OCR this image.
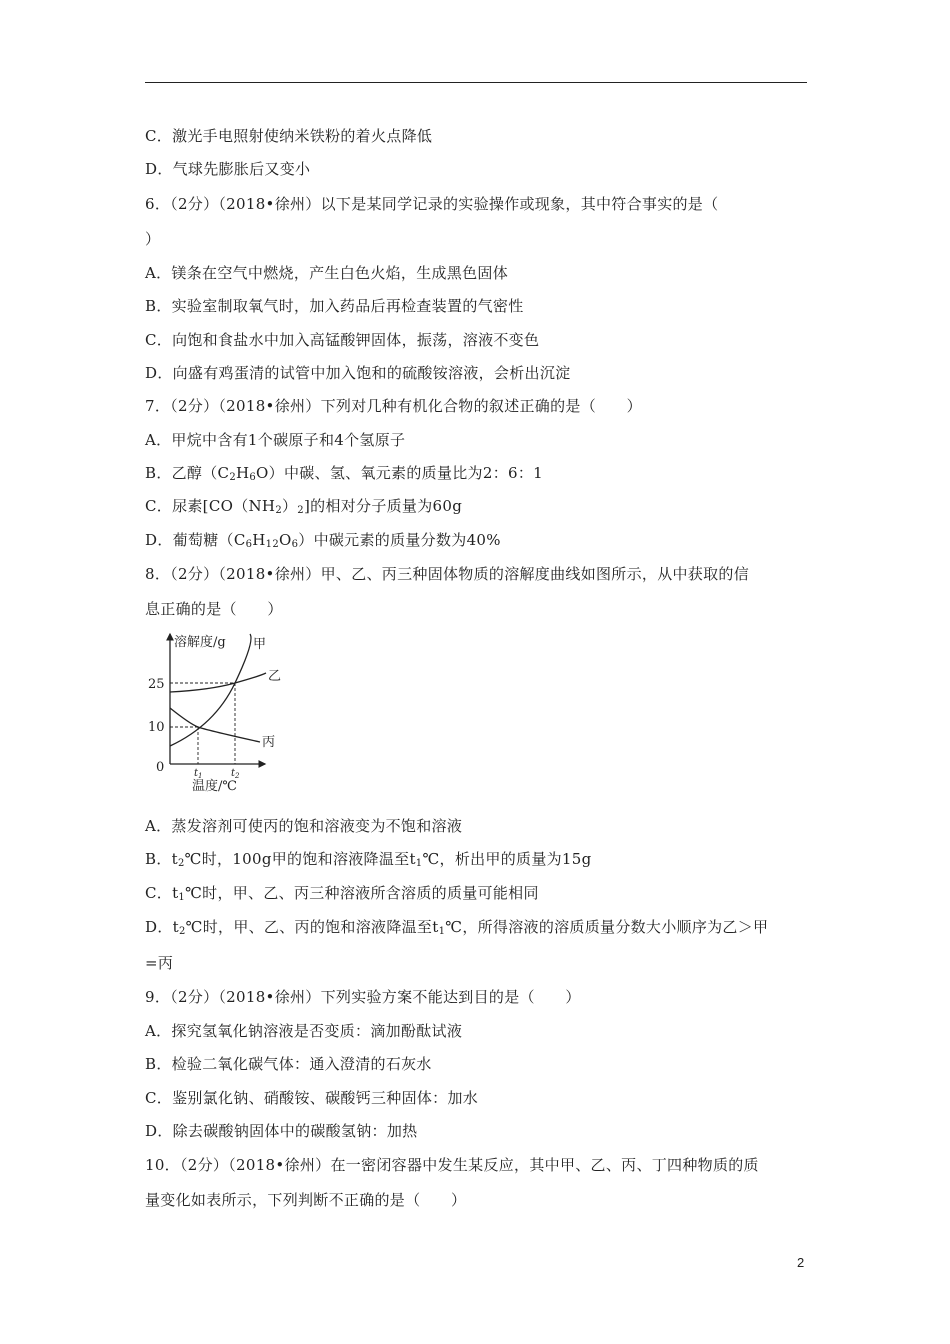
C．激光手电照射使纳米铁粉的着火点降低
D．气球先膨胀后又变小
6．（2分）（2018•徐州）以下是某同学记录的实验操作或现象，其中符合事实的是（
）
A．镁条在空气中燃烧，产生白色火焰，生成黑色固体
B．实验室制取氧气时，加入药品后再检查装置的气密性
C．向饱和食盐水中加入高锰酸钾固体，振荡，溶液不变色
D．向盛有鸡蛋清的试管中加入饱和的硫酸铵溶液，会析出沉淀
7．（2分）（2018•徐州）下列对几种有机化合物的叙述正确的是（　　）
A．甲烷中含有1个碳原子和4个氢原子
B．乙醇$(C_2H_6O)$中碳、氢、氧元素的质量比为2：6：1
C．尿素$[CO(NH_2)_2]$的相对分子质量为60g
D．葡萄糖$(C_6H_{12}O_6)$中碳元素的质量分数为40%
8．（2分）（2018•徐州）甲、乙、丙三种固体物质的溶解度曲线如图所示，从中获取的信
息正确的是（　　）
溶解度/g
25
10
0
甲
乙
丙
$t_1$	$t_2$
温度/℃
A．蒸发溶剂可使丙的饱和溶液变为不饱和溶液
B．$t_2℃$时，100g甲的饱和溶液降温至$t_1℃$，析出甲的质量为15g
C．$t_1℃$时，甲、乙、丙三种溶液所含溶质的质量可能相同
D．$t_2℃$时，甲、乙、丙的饱和溶液降温至$t_1℃$，所得溶液的溶质质量分数大小顺序为乙＞甲
=丙
9．（2分）（2018•徐州）下列实验方案不能达到目的是（　　）
A．探究氢氧化钠溶液是否变质：滴加酚酞试液
B．检验二氧化碳气体：通入澄清的石灰水
C．鉴别氯化钠、硝酸铵、碳酸钙三种固体：加水
D．除去碳酸钠固体中的碳酸氢钠：加热
10．（2分）（2018•徐州）在一密闭容器中发生某反应，其中甲、乙、丙、丁四种物质的质
量变化如表所示，下列判断不正确的是（　　）
2
